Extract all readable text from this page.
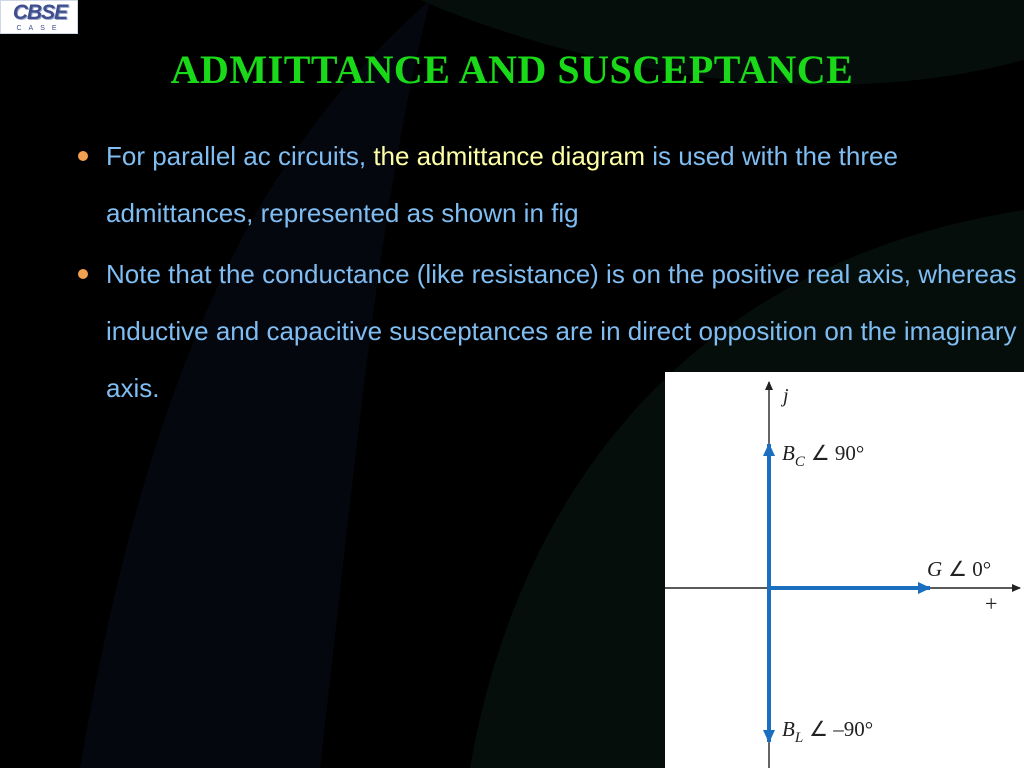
CBSE
CASE
ADMITTANCE AND SUSCEPTANCE
For parallel ac circuits, the admittance diagram is used with the three admittances, represented as shown in fig
Note that the conductance (like resistance) is on the positive real axis, whereas inductive and capacitive susceptances are in direct opposition on the imaginary axis.	j
+
$B_C$ ∠ 90°
G ∠ 0°
$B_L$ ∠ –90°
